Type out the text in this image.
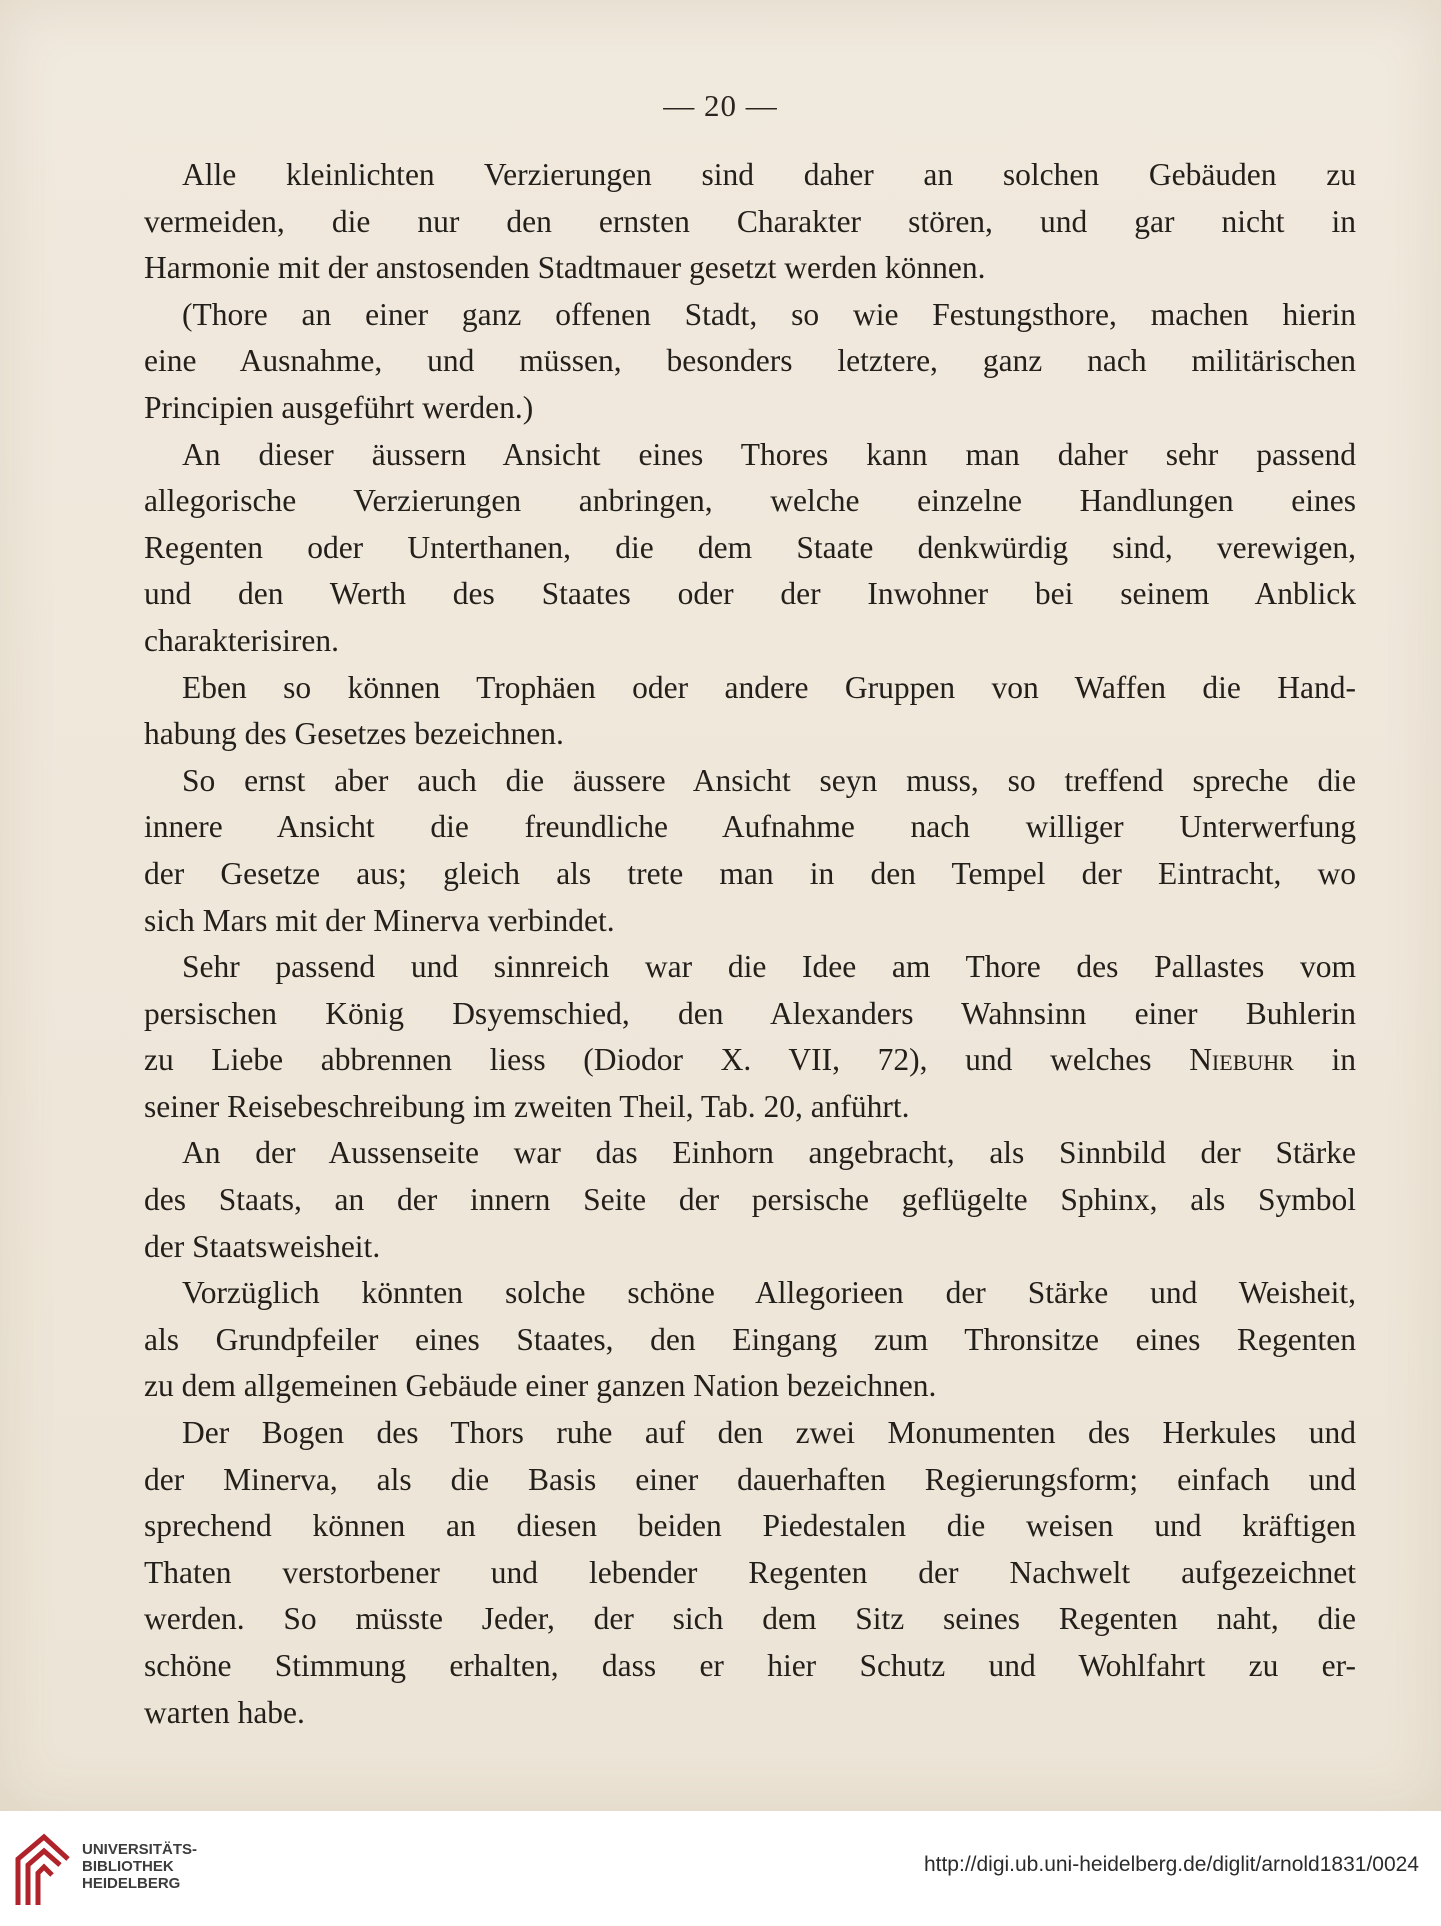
— 20 —
Alle kleinlichten Verzierungen sind daher an solchen Gebäuden zu
vermeiden, die nur den ernsten Charakter stören, und gar nicht in
Harmonie mit der anstosenden Stadtmauer gesetzt werden können.
(Thore an einer ganz offenen Stadt, so wie Festungsthore, machen hierin
eine Ausnahme, und müssen, besonders letztere, ganz nach militärischen
Principien ausgeführt werden.)
An dieser äussern Ansicht eines Thores kann man daher sehr passend
allegorische Verzierungen anbringen, welche einzelne Handlungen eines
Regenten oder Unterthanen, die dem Staate denkwürdig sind, verewigen,
und den Werth des Staates oder der Inwohner bei seinem Anblick
charakterisiren.
Eben so können Trophäen oder andere Gruppen von Waffen die Hand-
habung des Gesetzes bezeichnen.
So ernst aber auch die äussere Ansicht seyn muss, so treffend spreche die
innere Ansicht die freundliche Aufnahme nach williger Unterwerfung
der Gesetze aus; gleich als trete man in den Tempel der Eintracht, wo
sich Mars mit der Minerva verbindet.
Sehr passend und sinnreich war die Idee am Thore des Pallastes vom
persischen König Dsyemschied, den Alexanders Wahnsinn einer Buhlerin
zu Liebe abbrennen liess (Diodor X. VII, 72), und welches Niebuhr in
seiner Reisebeschreibung im zweiten Theil, Tab. 20, anführt.
An der Aussenseite war das Einhorn angebracht, als Sinnbild der Stärke
des Staats, an der innern Seite der persische geflügelte Sphinx, als Symbol
der Staatsweisheit.
Vorzüglich könnten solche schöne Allegorieen der Stärke und Weisheit,
als Grundpfeiler eines Staates, den Eingang zum Thronsitze eines Regenten
zu dem allgemeinen Gebäude einer ganzen Nation bezeichnen.
Der Bogen des Thors ruhe auf den zwei Monumenten des Herkules und
der Minerva, als die Basis einer dauerhaften Regierungsform; einfach und
sprechend können an diesen beiden Piedestalen die weisen und kräftigen
Thaten verstorbener und lebender Regenten der Nachwelt aufgezeichnet
werden. So müsste Jeder, der sich dem Sitz seines Regenten naht, die
schöne Stimmung erhalten, dass er hier Schutz und Wohlfahrt zu er-
warten habe.
UNIVERSITÄTS-
BIBLIOTHEK
HEIDELBERG
http://digi.ub.uni-heidelberg.de/diglit/arnold1831/0024
